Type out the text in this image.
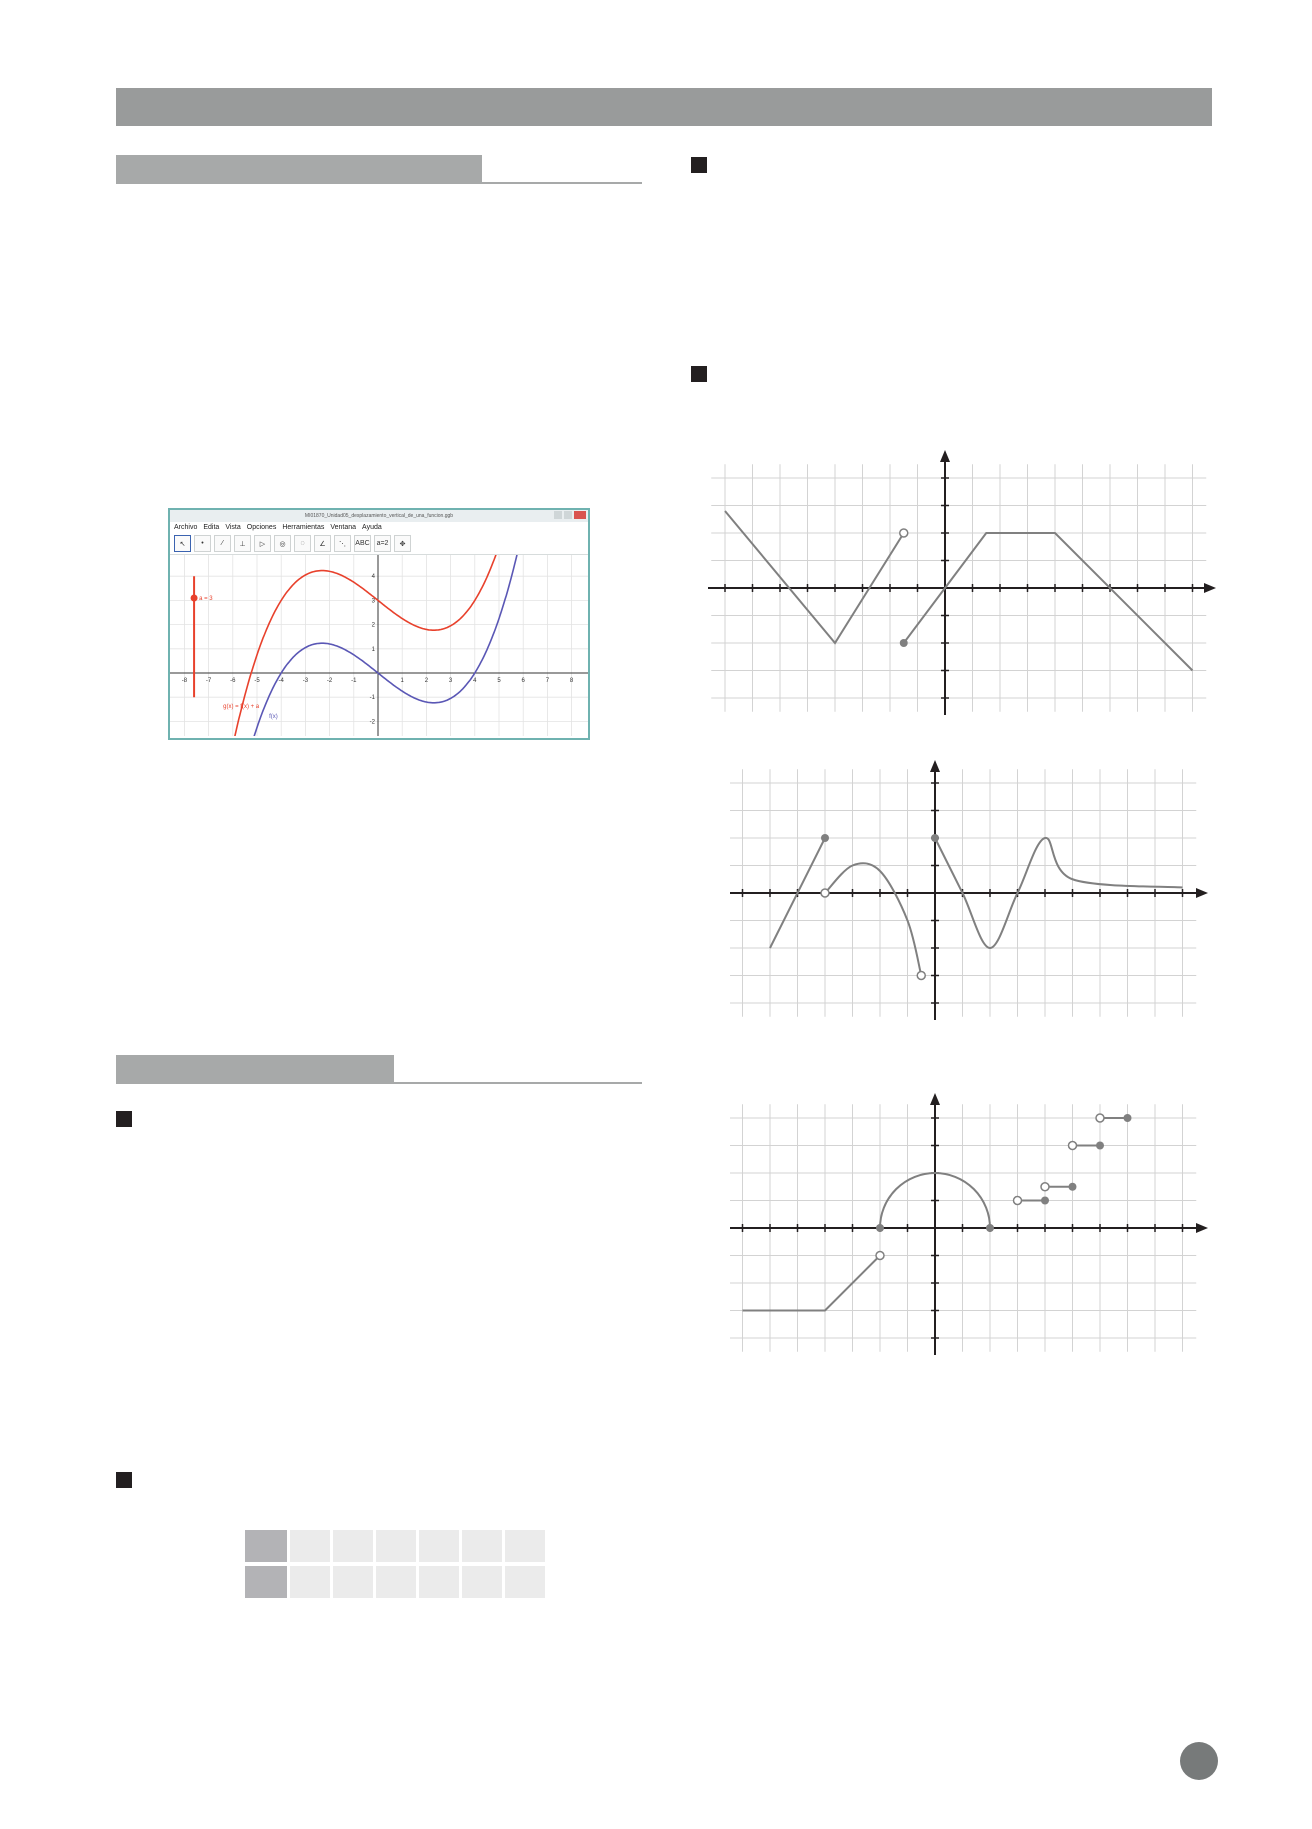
MI01870_Unidad05_desplazamiento_vertical_de_una_funcion.ggb
Archivo Edita Vista Opciones Herramientas Ventana Ayuda
↖	•	⁄	⊥	▷	◎	◌	∠	⋱	ABC a=2	✥
-8	-7	-6	-5	-4	-3	-2	-1	1	2	3	4	5	6	7	8
4
3
2
1
-1
-2
a = 3
g(x) = f(x) + a
f(x)
